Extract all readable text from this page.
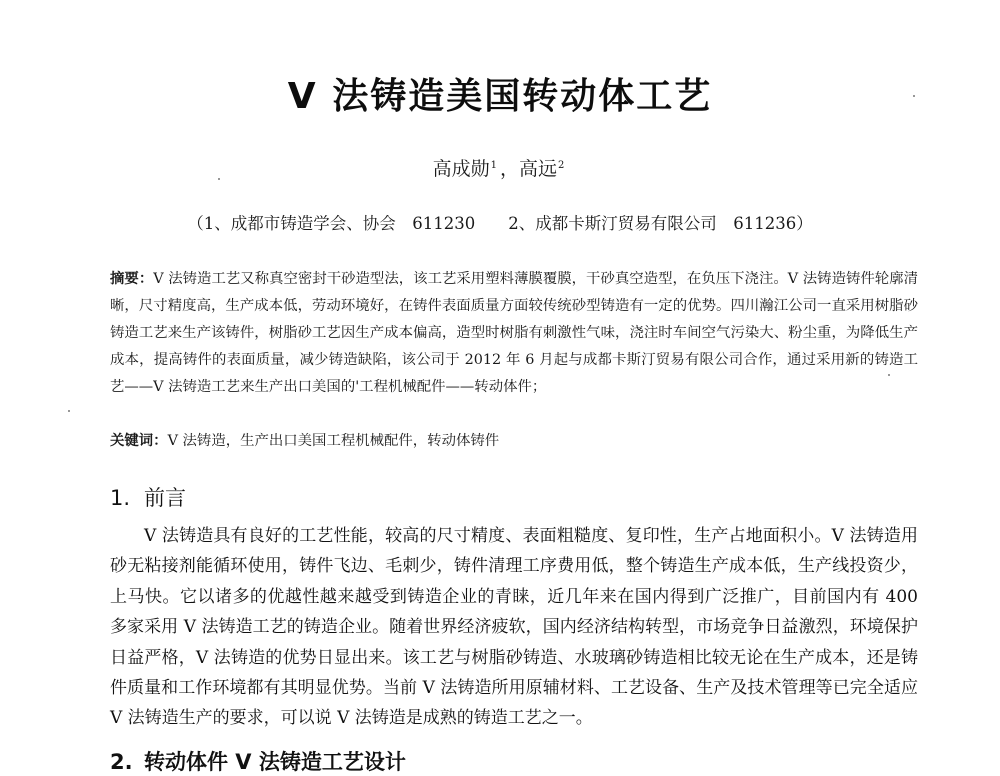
V 法铸造美国转动体工艺
高成勋$^1$ ，高远$^2$
（1、成都市铸造学会、协会　611230　　2、成都卡斯汀贸易有限公司　611236）
摘要：V 法铸造工艺又称真空密封干砂造型法，该工艺采用塑料薄膜覆膜，干砂真空造型，在负压下浇注。V 法铸造铸件轮廓清晰，尺寸精度高，生产成本低，劳动环境好，在铸件表面质量方面较传统砂型铸造有一定的优势。四川瀚江公司一直采用树脂砂铸造工艺来生产该铸件，树脂砂工艺因生产成本偏高，造型时树脂有刺激性气味，浇注时车间空气污染大、粉尘重，为降低生产成本，提高铸件的表面质量，减少铸造缺陷，该公司于 2012 年 6 月起与成都卡斯汀贸易有限公司合作，通过采用新的铸造工艺——V 法铸造工艺来生产出口美国的'工程机械配件——转动体件；
关键词：V 法铸造，生产出口美国工程机械配件，转动体铸件
1. 前言
V 法铸造具有良好的工艺性能，较高的尺寸精度、表面粗糙度、复印性，生产占地面积小。V 法铸造用砂无粘接剂能循环使用，铸件飞边、毛刺少，铸件清理工序费用低，整个铸造生产成本低，生产线投资少，上马快。它以诸多的优越性越来越受到铸造企业的青睐，近几年来在国内得到广泛推广，目前国内有 400 多家采用 V 法铸造工艺的铸造企业。随着世界经济疲软，国内经济结构转型，市场竞争日益激烈，环境保护日益严格，V 法铸造的优势日显出来。该工艺与树脂砂铸造、水玻璃砂铸造相比较无论在生产成本，还是铸件质量和工作环境都有其明显优势。当前 V 法铸造所用原辅材料、工艺设备、生产及技术管理等已完全适应 V 法铸造生产的要求，可以说 V 法铸造是成熟的铸造工艺之一。
2. 转动体件 V 法铸造工艺设计
